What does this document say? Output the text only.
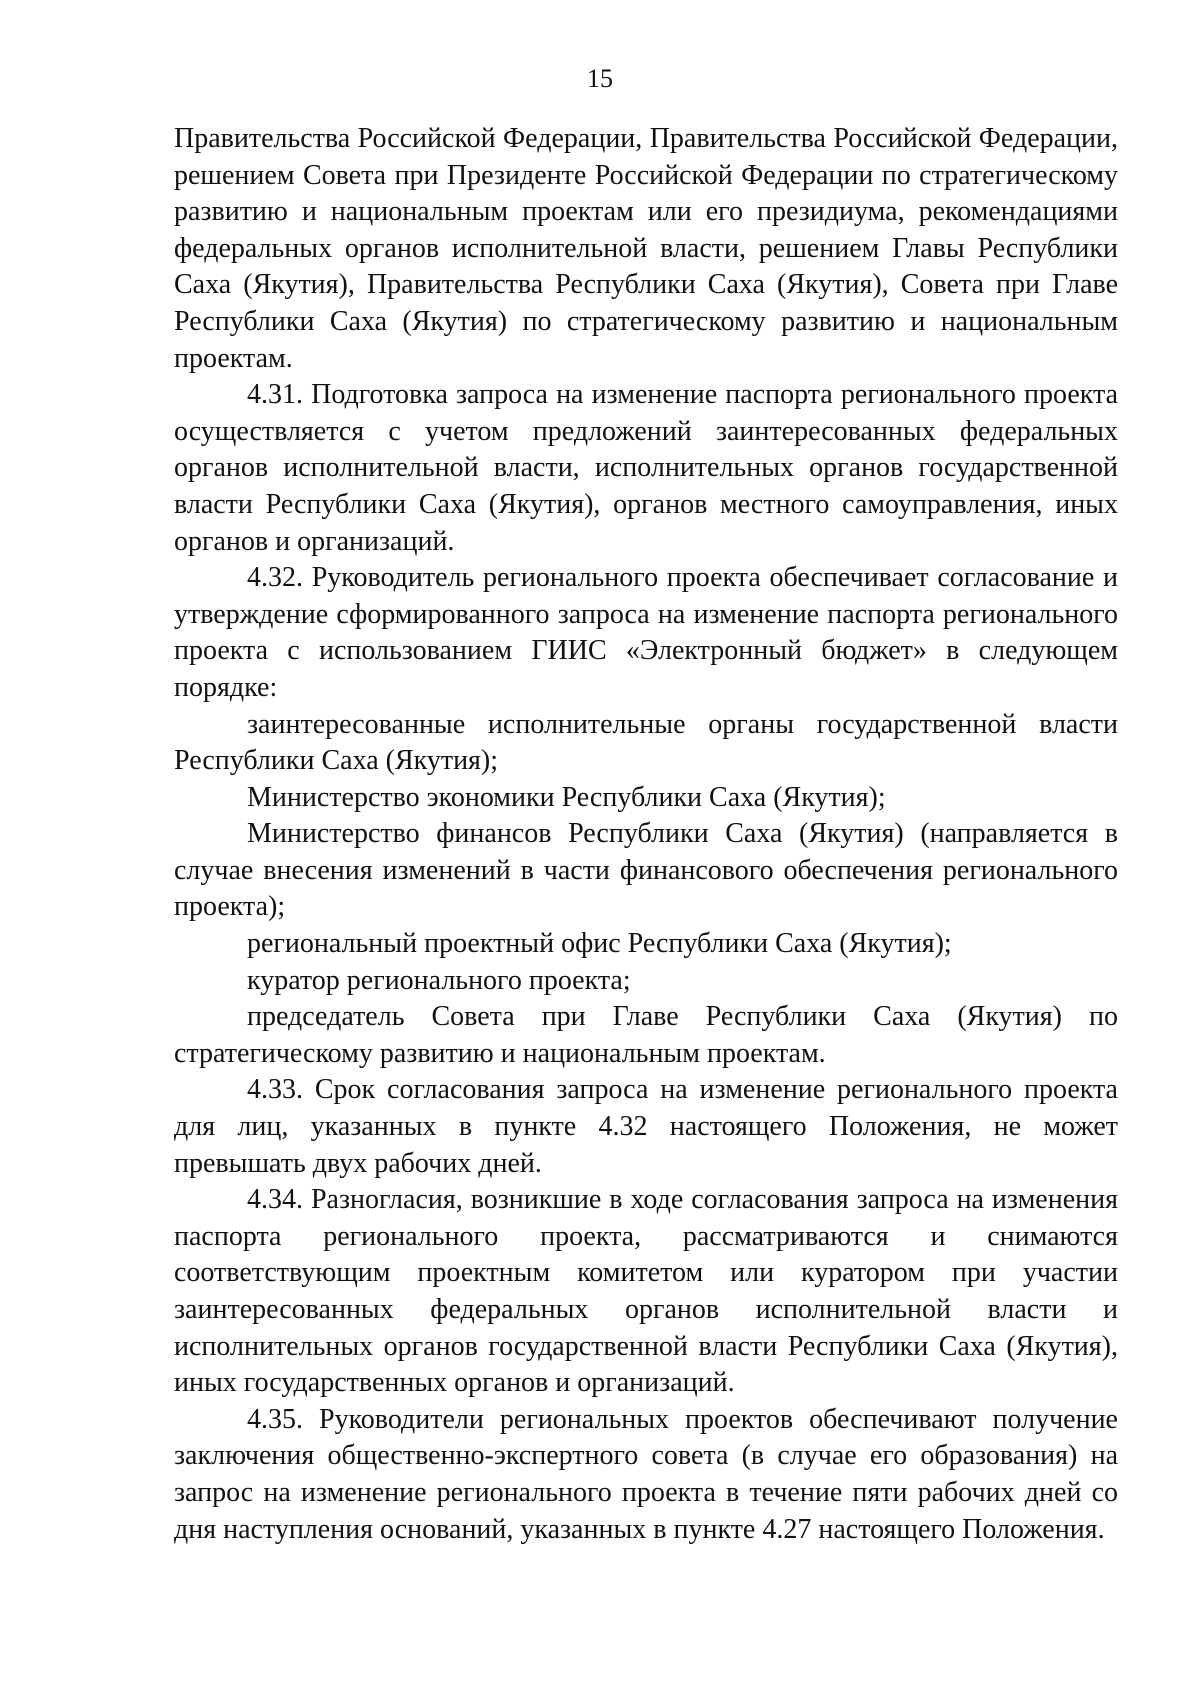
15

Правительства Российской Федерации, Правительства Российской Федерации, решением Совета при Президенте Российской Федерации по стратегическому развитию и национальным проектам или его президиума, рекомендациями федеральных органов исполнительной власти, решением Главы Республики Саха (Якутия), Правительства Республики Саха (Якутия), Совета при Главе Республики Саха (Якутия) по стратегическому развитию и национальным проектам.

4.31. Подготовка запроса на изменение паспорта регионального проекта осуществляется с учетом предложений заинтересованных федеральных органов исполнительной власти, исполнительных органов государственной власти Республики Саха (Якутия), органов местного самоуправления, иных органов и организаций.

4.32. Руководитель регионального проекта обеспечивает согласование и утверждение сформированного запроса на изменение паспорта регионального проекта с использованием ГИИС «Электронный бюджет» в следующем порядке:

заинтересованные исполнительные органы государственной власти Республики Саха (Якутия);

Министерство экономики Республики Саха (Якутия);

Министерство финансов Республики Саха (Якутия) (направляется в случае внесения изменений в части финансового обеспечения регионального проекта);

региональный проектный офис Республики Саха (Якутия);

куратор регионального проекта;

председатель Совета при Главе Республики Саха (Якутия) по стратегическому развитию и национальным проектам.

4.33. Срок согласования запроса на изменение регионального проекта для лиц, указанных в пункте 4.32 настоящего Положения, не может превышать двух рабочих дней.

4.34. Разногласия, возникшие в ходе согласования запроса на изменения паспорта регионального проекта, рассматриваются и снимаются соответствующим проектным комитетом или куратором при участии заинтересованных федеральных органов исполнительной власти и исполнительных органов государственной власти Республики Саха (Якутия), иных государственных органов и организаций.

4.35. Руководители региональных проектов обеспечивают получение заключения общественно-экспертного совета (в случае его образования) на запрос на изменение регионального проекта в течение пяти рабочих дней со дня наступления оснований, указанных в пункте 4.27 настоящего Положения.
